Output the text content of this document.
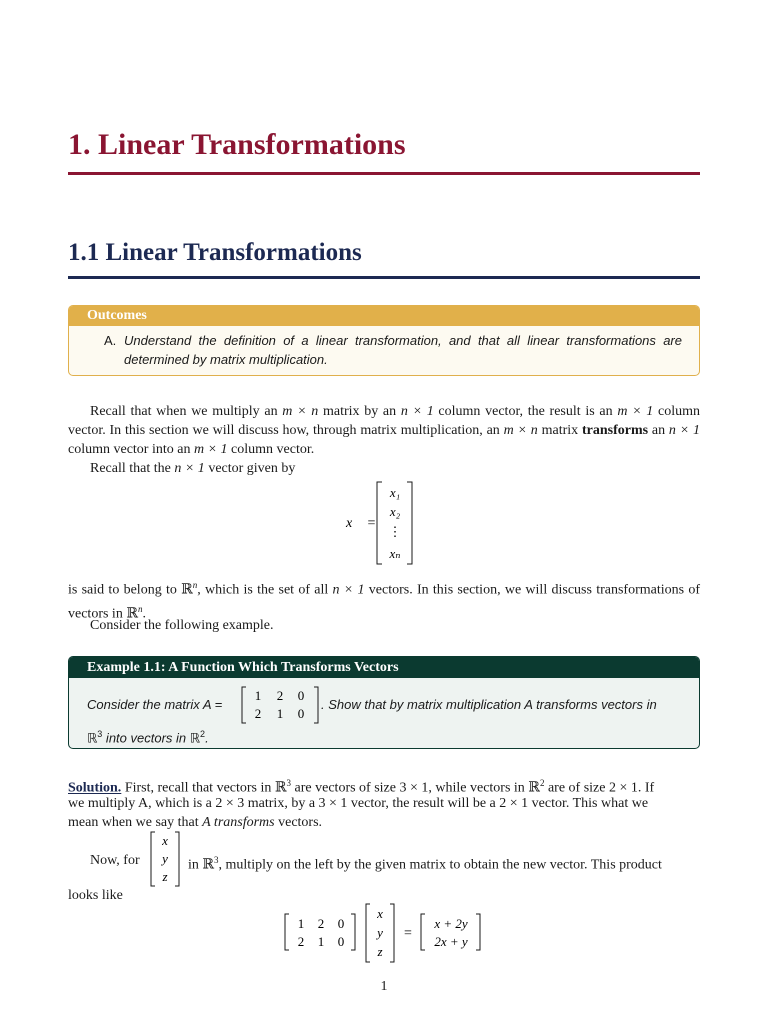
1. Linear Transformations
1.1 Linear Transformations
Outcomes
A. Understand the definition of a linear transformation, and that all linear transformations are determined by matrix multiplication.
Recall that when we multiply an m × n matrix by an n × 1 column vector, the result is an m × 1 column vector. In this section we will discuss how, through matrix multiplication, an m × n matrix transforms an n × 1 column vector into an m × 1 column vector.
Recall that the n × 1 vector given by
x⃗ =
x₁
x₂
⋮
xₙ
is said to belong to ℝ$^n$, which is the set of all n × 1 vectors. In this section, we will discuss transformations of vectors in ℝ$^n$.
Consider the following example.
Example 1.1: A Function Which Transforms Vectors
Consider the matrix A =
1 2 0
2 1 0
. Show that by matrix multiplication A transforms vectors in
ℝ$^3$ into vectors in ℝ$^2$.
Solution. First, recall that vectors in ℝ$^3$ are vectors of size 3 × 1, while vectors in ℝ$^2$ are of size 2 × 1. If
we multiply A, which is a 2 × 3 matrix, by a 3 × 1 vector, the result will be a 2 × 1 vector. This what we
mean when we say that A transforms vectors.
Now, for
x
y
z
in ℝ$^3$, multiply on the left by the given matrix to obtain the new vector. This product
looks like
1 2 0
2 1 0
x
y
z
=
x + 2y
2x + y
1
